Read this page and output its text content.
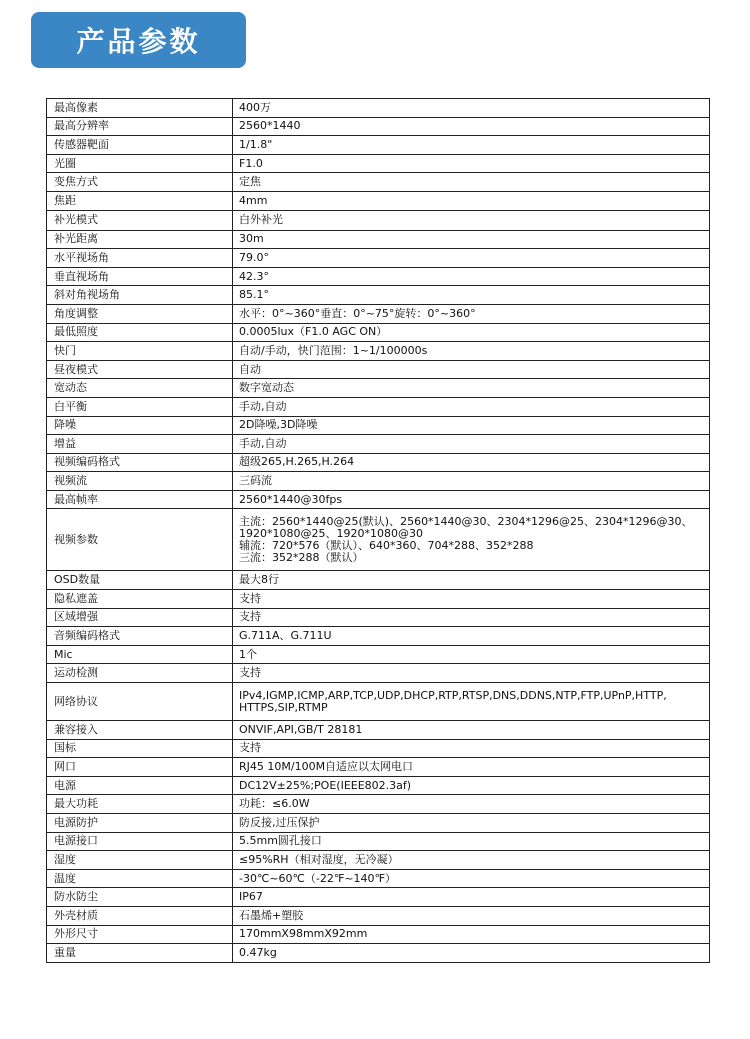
产品参数
最高像素	400万
最高分辨率	2560*1440
传感器靶面	1/1.8"
光圈	F1.0
变焦方式	定焦
焦距	4mm
补光模式	白外补光
补光距离	30m
水平视场角	79.0°
垂直视场角	42.3°
斜对角视场角	85.1°
角度调整	水平：0°~360°垂直：0°~75°旋转：0°~360°
最低照度	0.0005lux（F1.0 AGC ON）
快门	自动/手动，快门范围：1~1/100000s
昼夜模式	自动
宽动态	数字宽动态
白平衡	手动,自动
降噪	2D降噪,3D降噪
增益	手动,自动
视频编码格式	超级265,H.265,H.264
视频流	三码流
最高帧率	2560*1440@30fps
视频参数	主流：2560*1440@25(默认)、2560*1440@30、2304*1296@25、2304*1296@30、
1920*1080@25、1920*1080@30
辅流：720*576（默认）、640*360、704*288、352*288
三流：352*288（默认）
OSD数量	最大8行
隐私遮盖	支持
区域增强	支持
音频编码格式	G.711A、G.711U
Mic	1个
运动检测	支持
网络协议	IPv4,IGMP,ICMP,ARP,TCP,UDP,DHCP,RTP,RTSP,DNS,DDNS,NTP,FTP,UPnP,HTTP,
HTTPS,SIP,RTMP
兼容接入	ONVIF,API,GB/T 28181
国标	支持
网口	RJ45 10M/100M自适应以太网电口
电源	DC12V±25%;POE(IEEE802.3af)
最大功耗	功耗：≤6.0W
电源防护	防反接,过压保护
电源接口	5.5mm圆孔接口
湿度	≤95%RH（相对湿度，无冷凝）
温度	-30℃~60℃（-22℉~140℉）
防水防尘	IP67
外壳材质	石墨烯+塑胶
外形尺寸	170mmX98mmX92mm
重量	0.47kg
